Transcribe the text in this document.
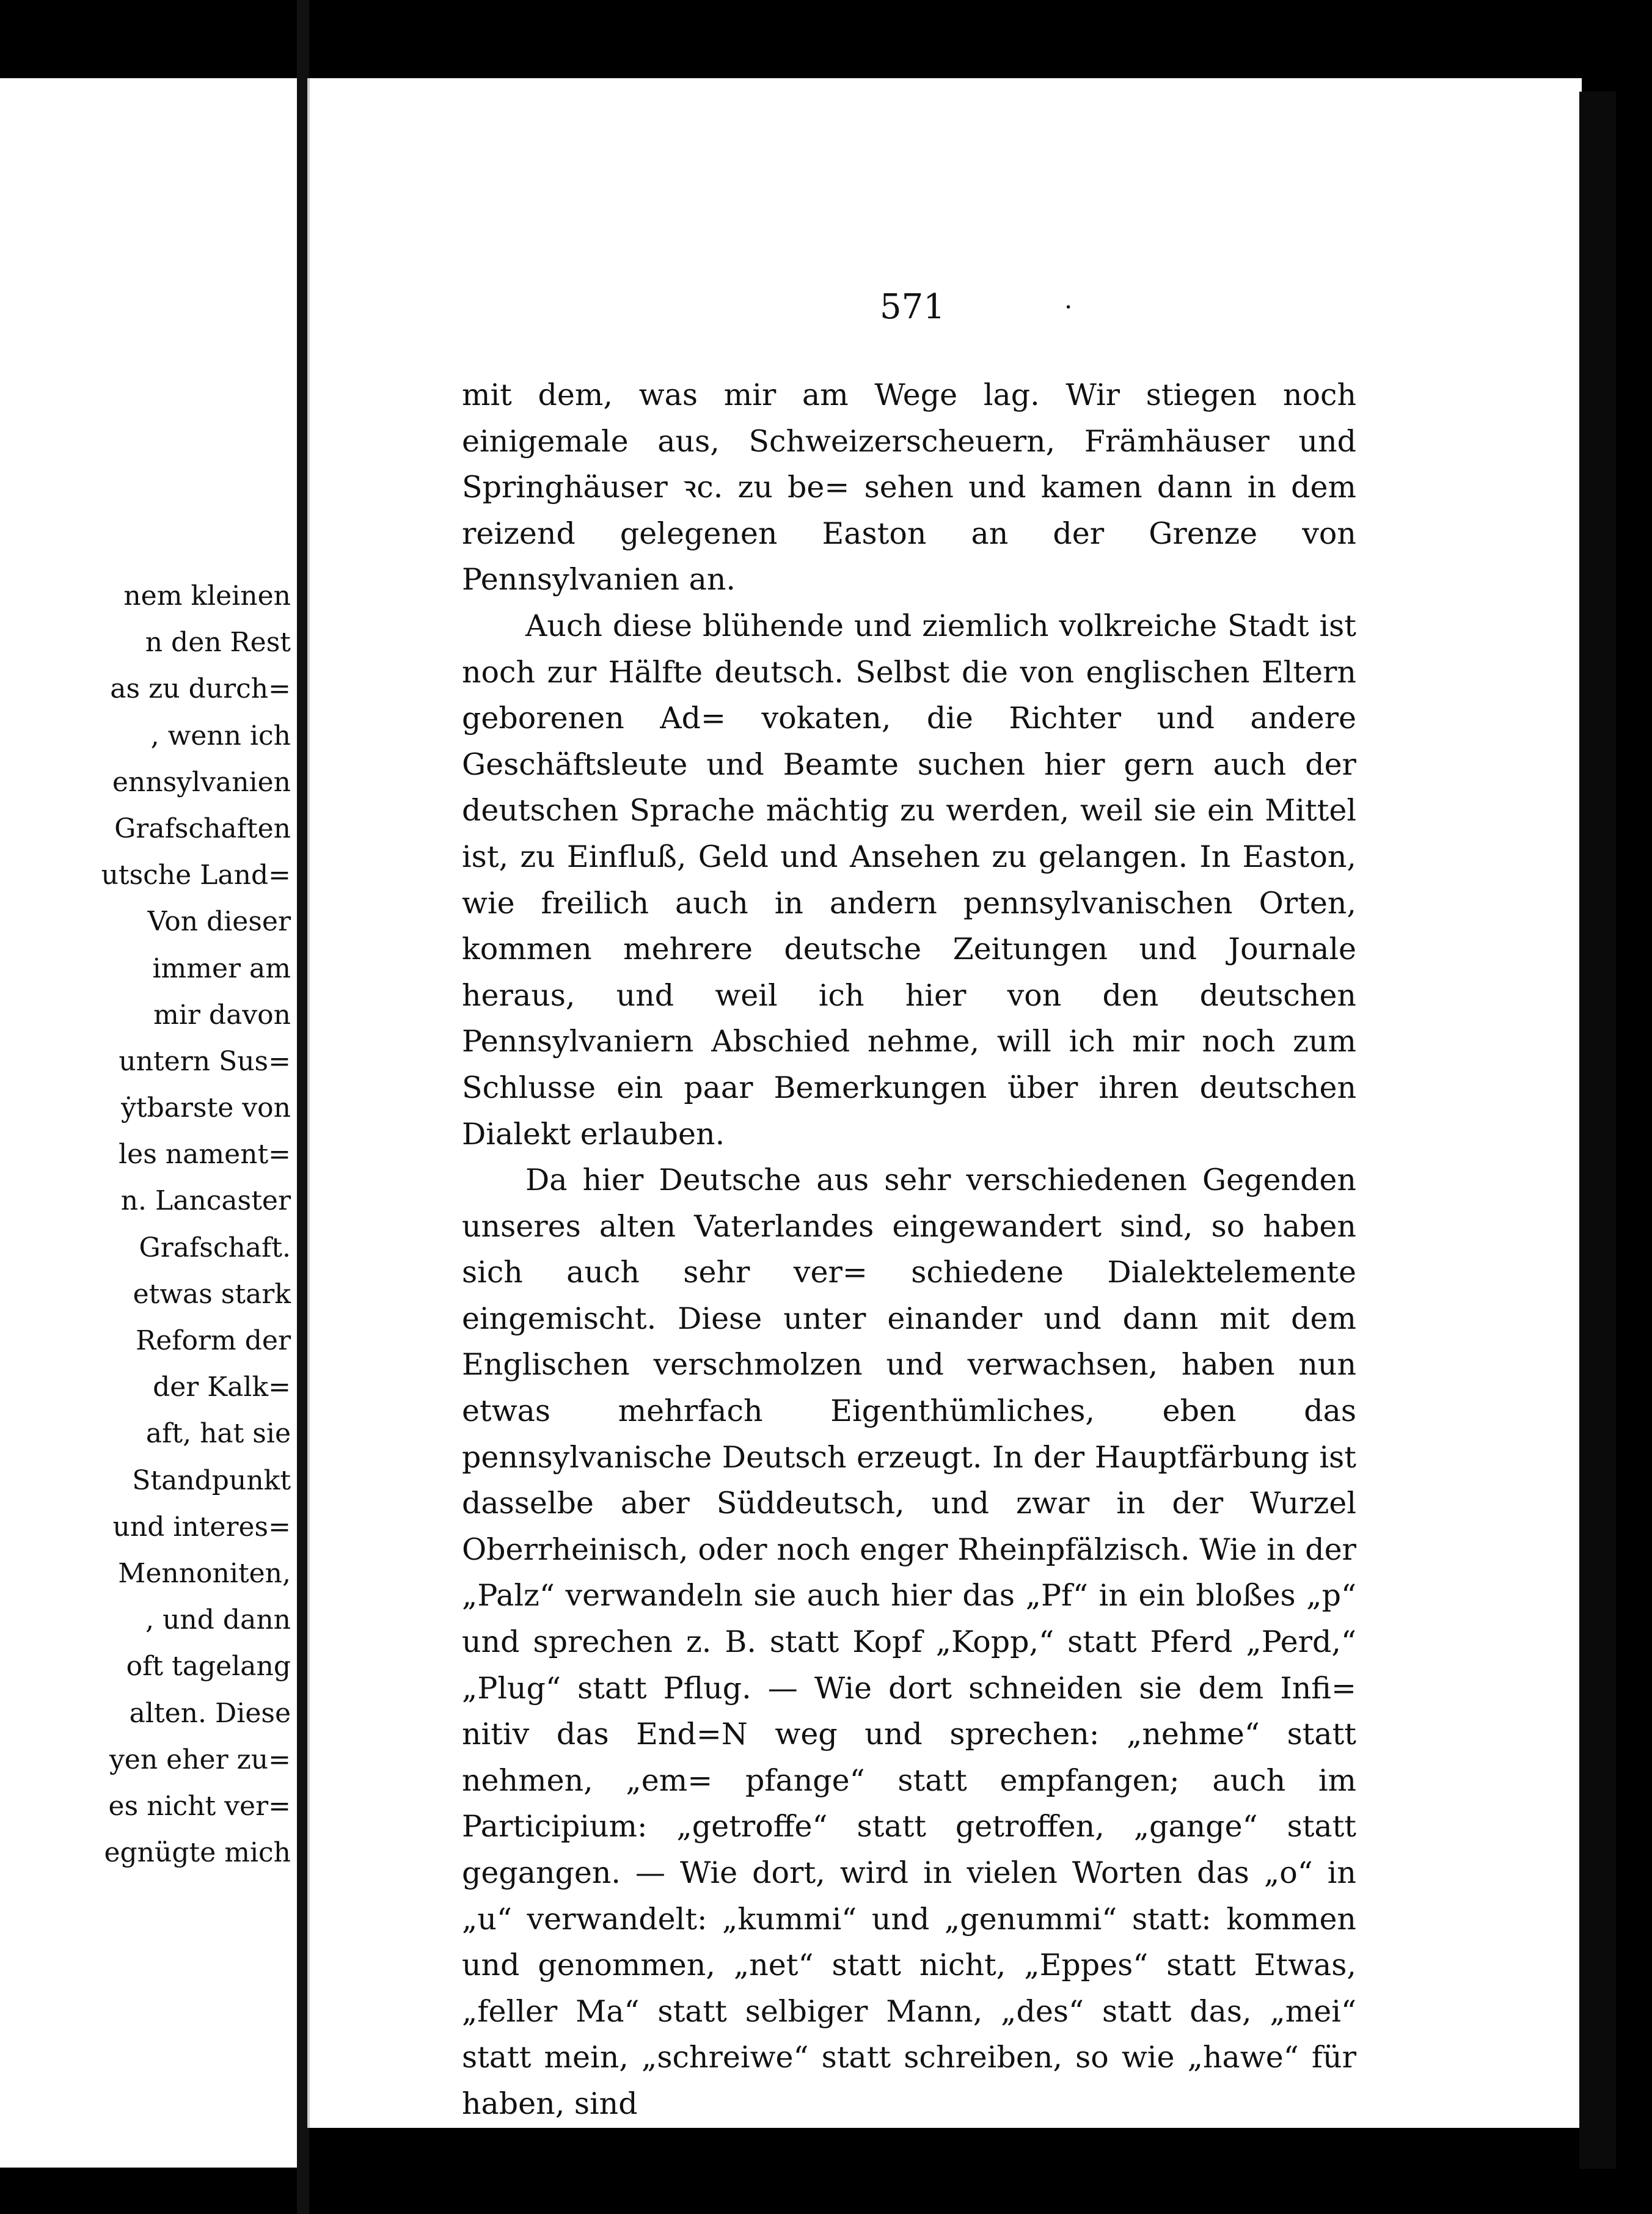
nem kleinen
n den Rest
as zu durch=
, wenn ich
ennsylvanien
Grafschaften
utsche Land=
Von dieser
immer am
mir davon
untern Sus=
ẏtbarste von
les nament=
n. Lancaster
Grafschaft.
etwas stark
Reform der
der Kalk=
aft, hat sie
Standpunkt
und interes=
Mennoniten,
, und dann
oft tagelang
alten. Diese
yen eher zu=
es nicht ver=
egnügte mich
571	·

mit dem, was mir am Wege lag. Wir stiegen noch einigemale aus, Schweizerscheuern, Främhäuser und Springhäuser ꝛc. zu be= sehen und kamen dann in dem reizend gelegenen Easton an der Grenze von Pennsylvanien an.

Auch diese blühende und ziemlich volkreiche Stadt ist noch zur Hälfte deutsch. Selbst die von englischen Eltern geborenen Ad= vokaten, die Richter und andere Geschäftsleute und Beamte suchen hier gern auch der deutschen Sprache mächtig zu werden, weil sie ein Mittel ist, zu Einfluß, Geld und Ansehen zu gelangen. In Easton, wie freilich auch in andern pennsylvanischen Orten, kommen mehrere deutsche Zeitungen und Journale heraus, und weil ich hier von den deutschen Pennsylvaniern Abschied nehme, will ich mir noch zum Schlusse ein paar Bemerkungen über ihren deutschen Dialekt erlauben.

Da hier Deutsche aus sehr verschiedenen Gegenden unseres alten Vaterlandes eingewandert sind, so haben sich auch sehr ver= schiedene Dialektelemente eingemischt. Diese unter einander und dann mit dem Englischen verschmolzen und verwachsen, haben nun etwas mehrfach Eigenthümliches, eben das pennsylvanische Deutsch erzeugt. In der Hauptfärbung ist dasselbe aber Süddeutsch, und zwar in der Wurzel Oberrheinisch, oder noch enger Rheinpfälzisch. Wie in der „Palz“ verwandeln sie auch hier das „Pf“ in ein bloßes „p“ und sprechen z. B. statt Kopf „Kopp,“ statt Pferd „Perd,“ „Plug“ statt Pflug. — Wie dort schneiden sie dem Infi= nitiv das End=N weg und sprechen: „nehme“ statt nehmen, „em= pfange“ statt empfangen; auch im Participium: „getroffe“ statt getroffen, „gange“ statt gegangen. — Wie dort, wird in vielen Worten das „o“ in „u“ verwandelt: „kummi“ und „genummi“ statt: kommen und genommen, „net“ statt nicht, „Eppes“ statt Etwas, „feller Ma“ statt selbiger Mann, „des“ statt das, „mei“ statt mein, „schreiwe“ statt schreiben, so wie „hawe“ für haben, sind
